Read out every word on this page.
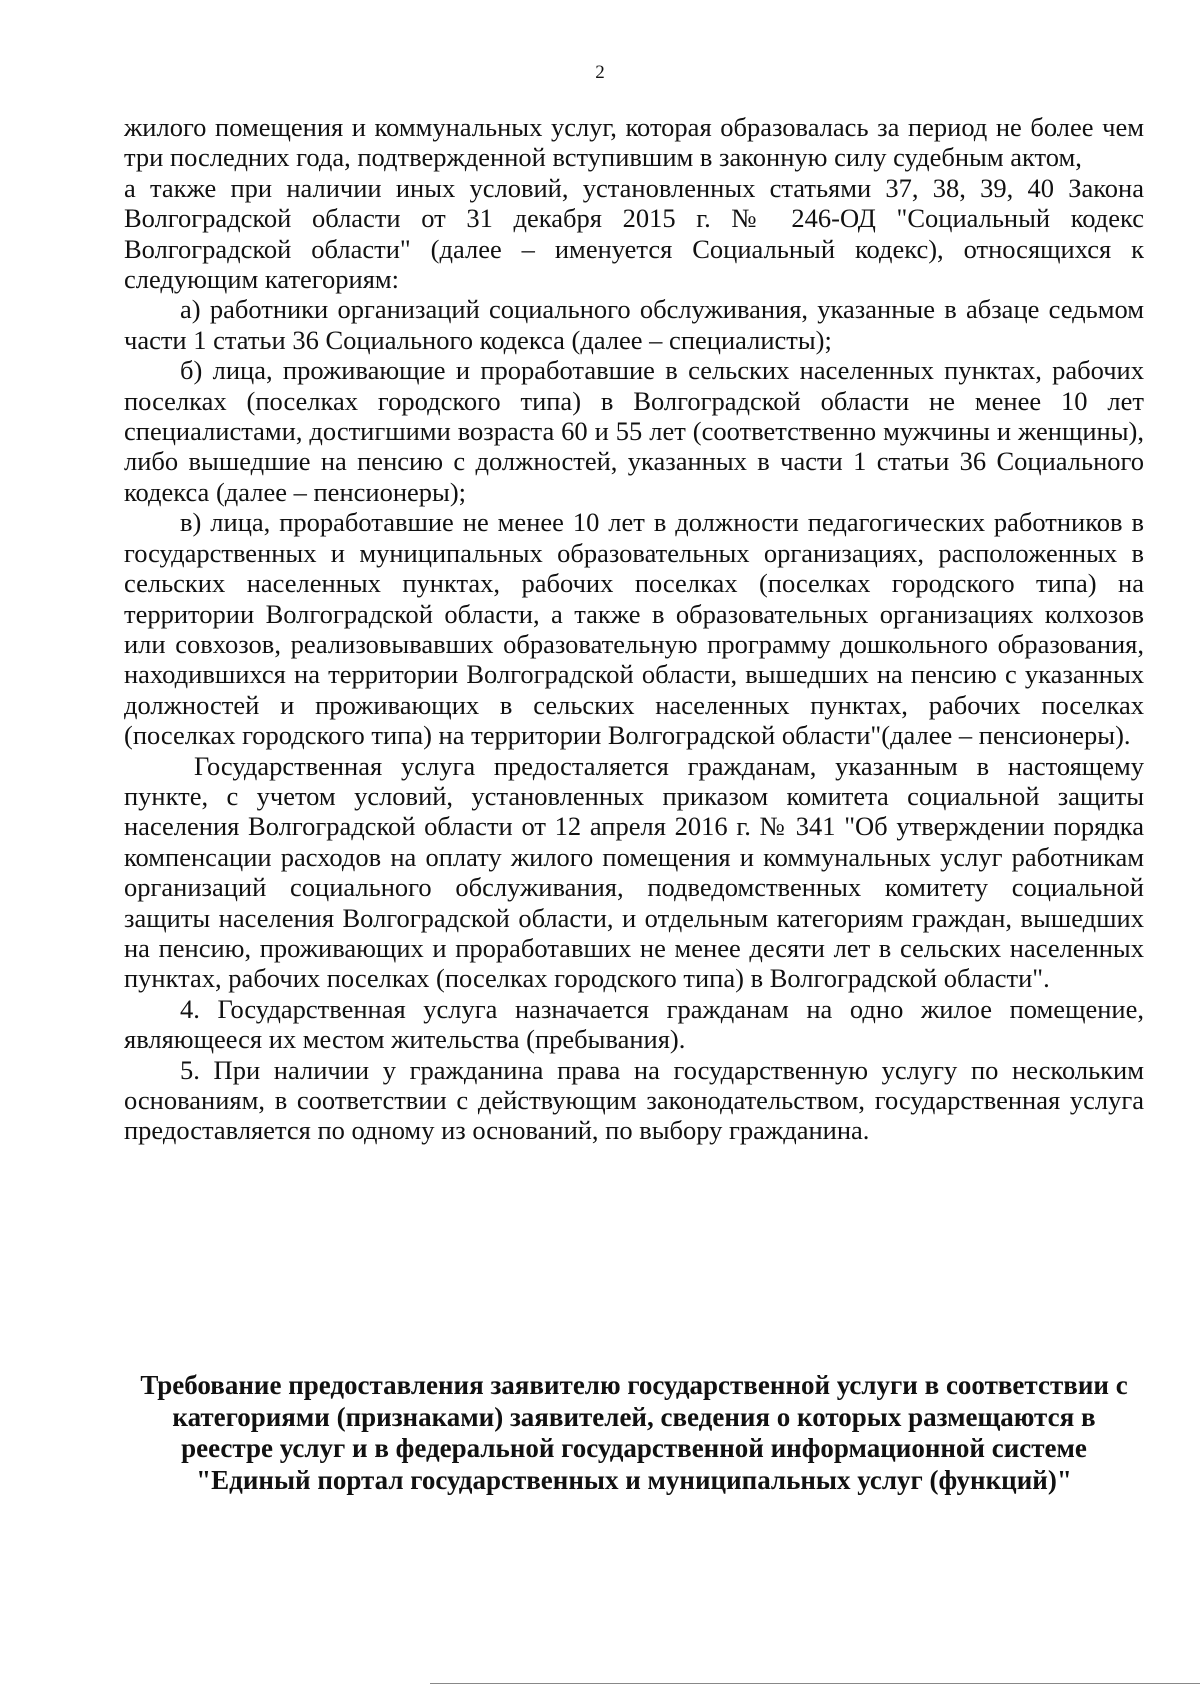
2

жилого помещения и коммунальных услуг, которая образовалась за период не более чем три последних года, подтвержденной вступившим в законную силу судебным актом,

а также при наличии иных условий, установленных статьями 37, 38, 39, 40 Закона Волгоградской области от 31 декабря 2015 г. № 246-ОД "Социальный кодекс Волгоградской области" (далее – именуется Социальный кодекс), относящихся к следующим категориям:

а) работники организаций социального обслуживания, указанные в абзаце седьмом части 1 статьи 36 Социального кодекса (далее – специалисты);

б) лица, проживающие и проработавшие в сельских населенных пунктах, рабочих поселках (поселках городского типа) в Волгоградской области не менее 10 лет специалистами, достигшими возраста 60 и 55 лет (соответственно мужчины и женщины), либо вышедшие на пенсию с должностей, указанных в части 1 статьи 36 Социального кодекса (далее – пенсионеры);

в) лица, проработавшие не менее 10 лет в должности педагогических работников в государственных и муниципальных образовательных организациях, расположенных в сельских населенных пунктах, рабочих поселках (поселках городского типа) на территории Волгоградской области, а также в образовательных организациях колхозов или совхозов, реализовывавших образовательную программу дошкольного образования, находившихся на территории Волгоградской области, вышедших на пенсию с указанных должностей и проживающих в сельских населенных пунктах, рабочих поселках (поселках городского типа) на территории Волгоградской области"(далее – пенсионеры).

Государственная услуга предосталяется гражданам, указанным в настоящему пункте, с учетом условий, установленных приказом комитета социальной защиты населения Волгоградской области от 12 апреля 2016 г. № 341 "Об утверждении порядка компенсации расходов на оплату жилого помещения и коммунальных услуг работникам организаций социального обслуживания, подведомственных комитету социальной защиты населения Волгоградской области, и отдельным категориям граждан, вышедших на пенсию, проживающих и проработавших не менее десяти лет в сельских населенных пунктах, рабочих поселках (поселках городского типа) в Волгоградской области".

4. Государственная услуга назначается гражданам на одно жилое помещение, являющееся их местом жительства (пребывания).

5. При наличии у гражданина права на государственную услугу по нескольким основаниям, в соответствии с действующим законодательством, государственная услуга предоставляется по одному из оснований, по выбору гражданина.

Требование предоставления заявителю государственной услуги в соответствии с категориями (признаками) заявителей, сведения о которых размещаются в реестре услуг и в федеральной государственной информационной системе "Единый портал государственных и муниципальных услуг (функций)"
